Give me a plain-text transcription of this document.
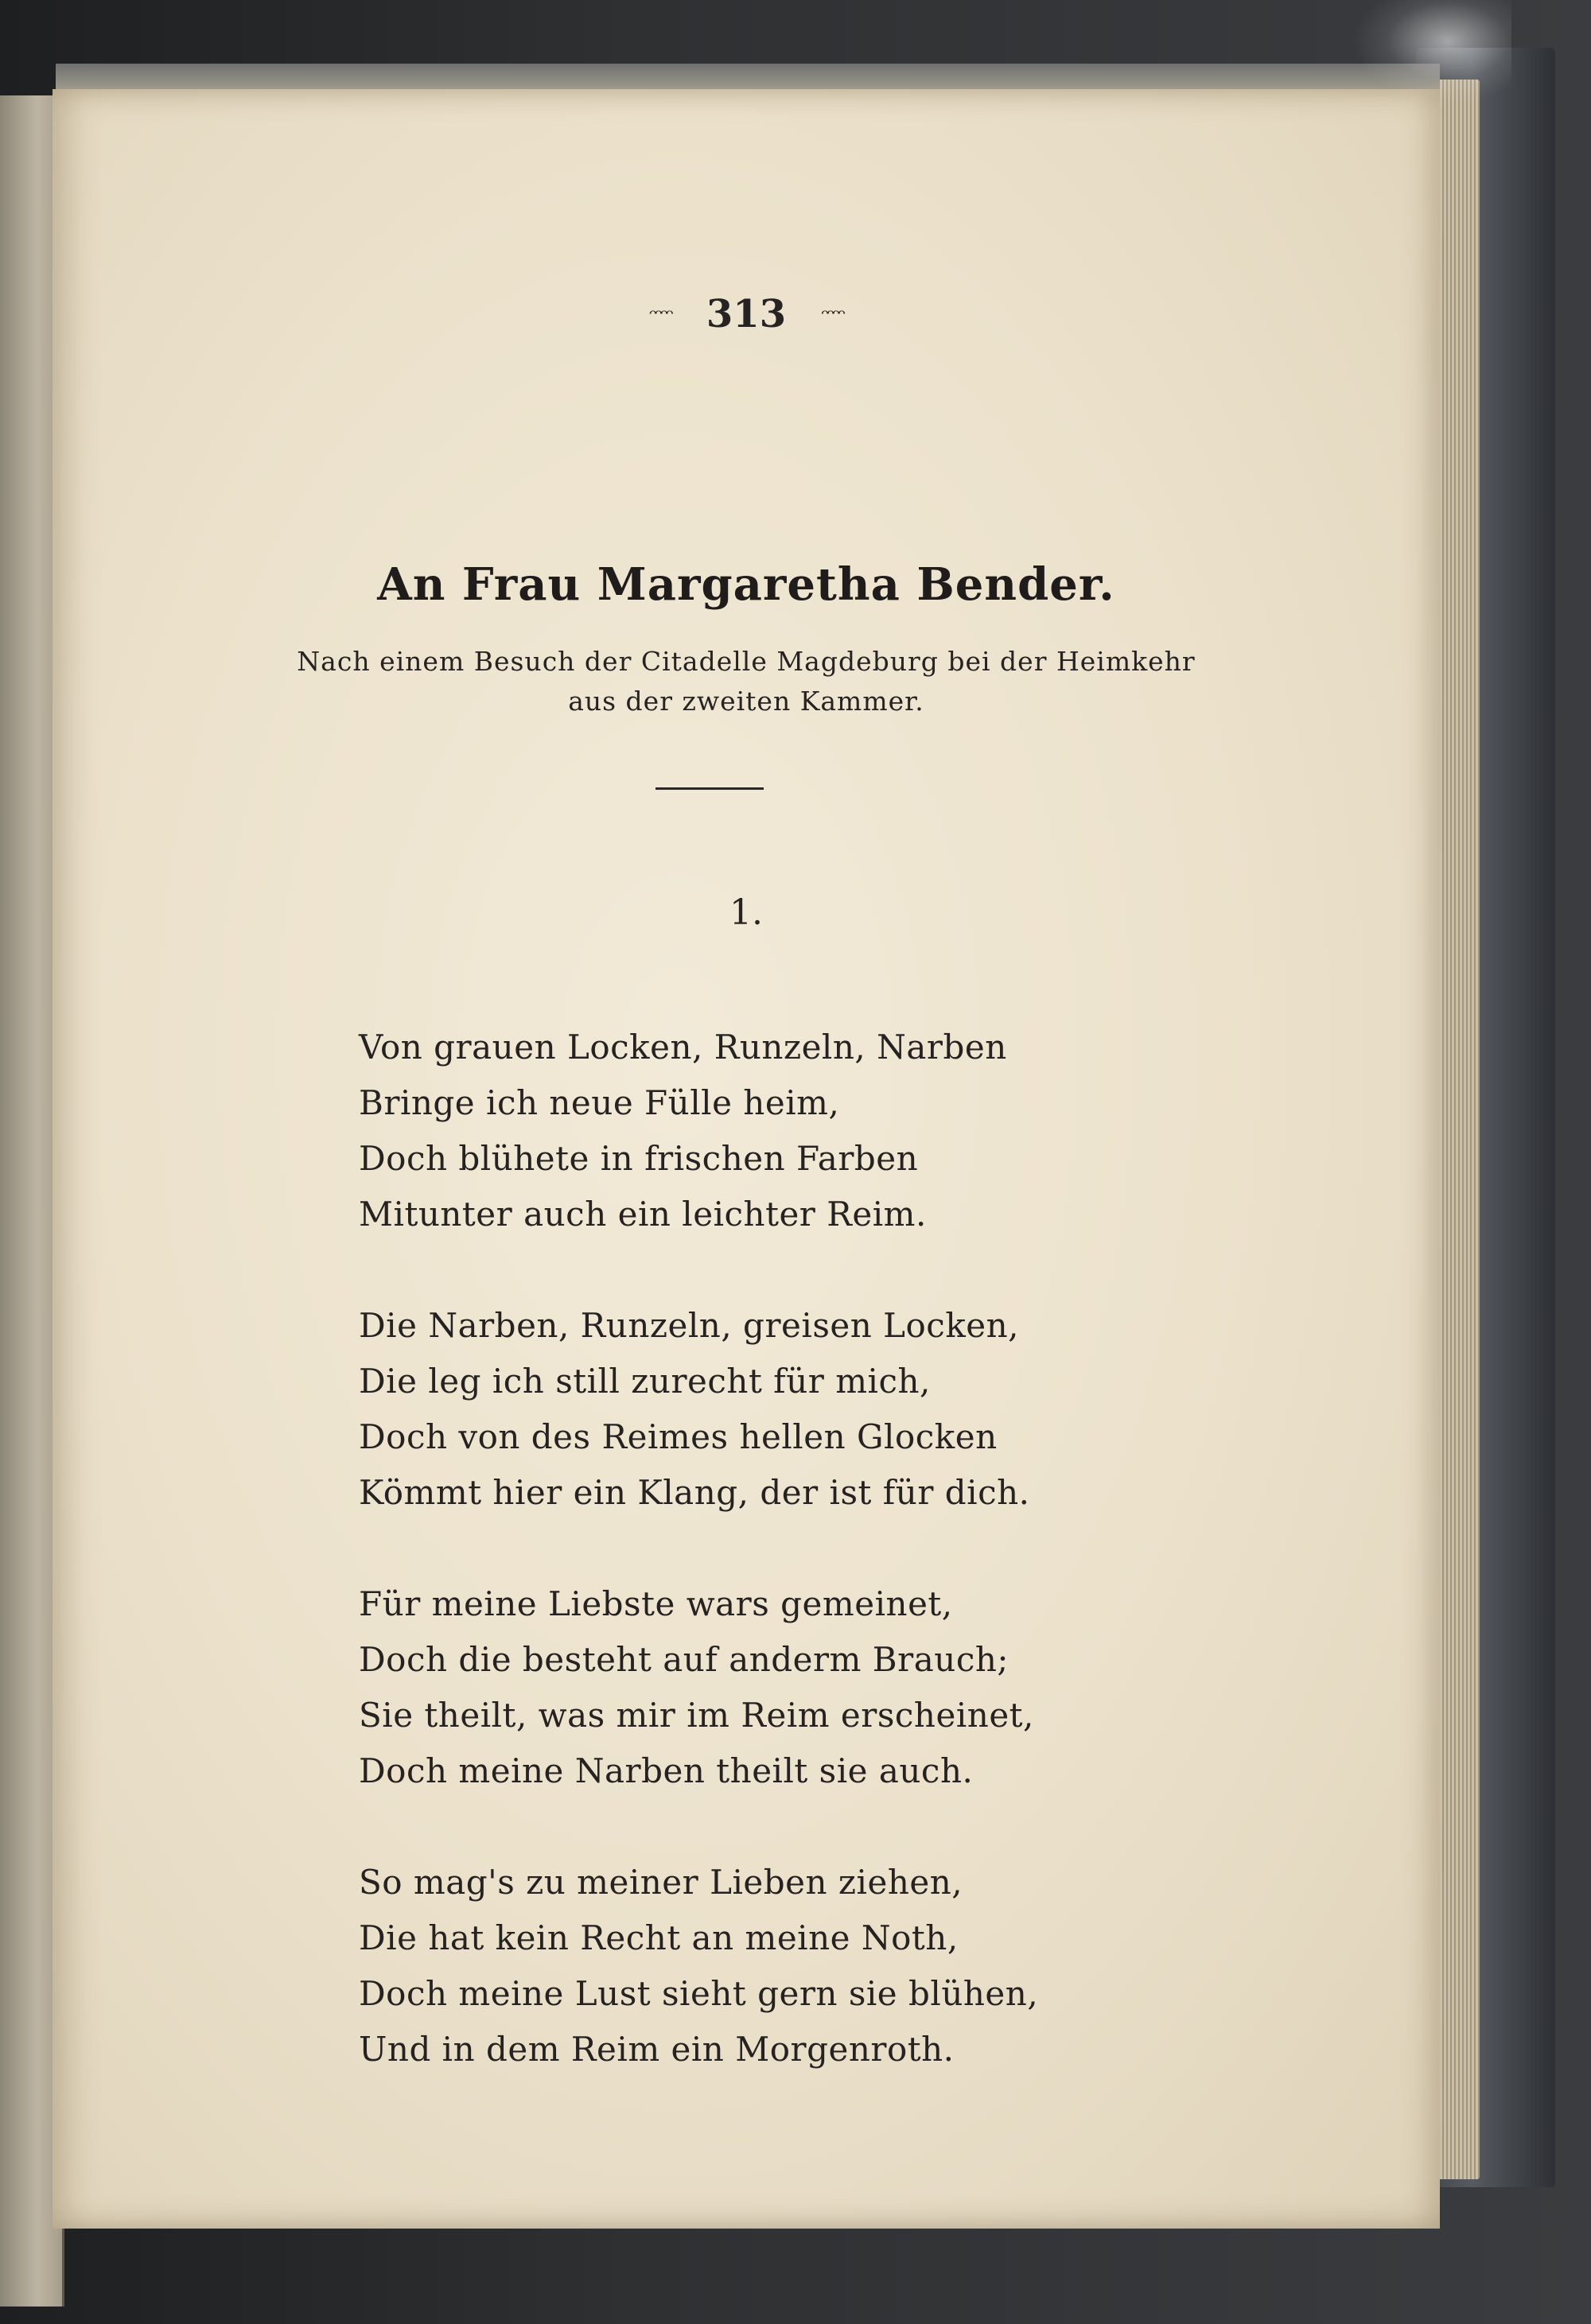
ᵔᵔᵔᵔ 313 ᵔᵔᵔᵔ
An Frau Margaretha Bender.
Nach einem Besuch der Citadelle Magdeburg bei der Heimkehr
aus der zweiten Kammer.
1.
Von grauen Locken, Runzeln, Narben
Bringe ich neue Fülle heim,
Doch blühete in frischen Farben
Mitunter auch ein leichter Reim.
Die Narben, Runzeln, greisen Locken,
Die leg ich still zurecht für mich,
Doch von des Reimes hellen Glocken
Kömmt hier ein Klang, der ist für dich.
Für meine Liebste wars gemeinet,
Doch die besteht auf anderm Brauch;
Sie theilt, was mir im Reim erscheinet,
Doch meine Narben theilt sie auch.
So mag's zu meiner Lieben ziehen,
Die hat kein Recht an meine Noth,
Doch meine Lust sieht gern sie blühen,
Und in dem Reim ein Morgenroth.
